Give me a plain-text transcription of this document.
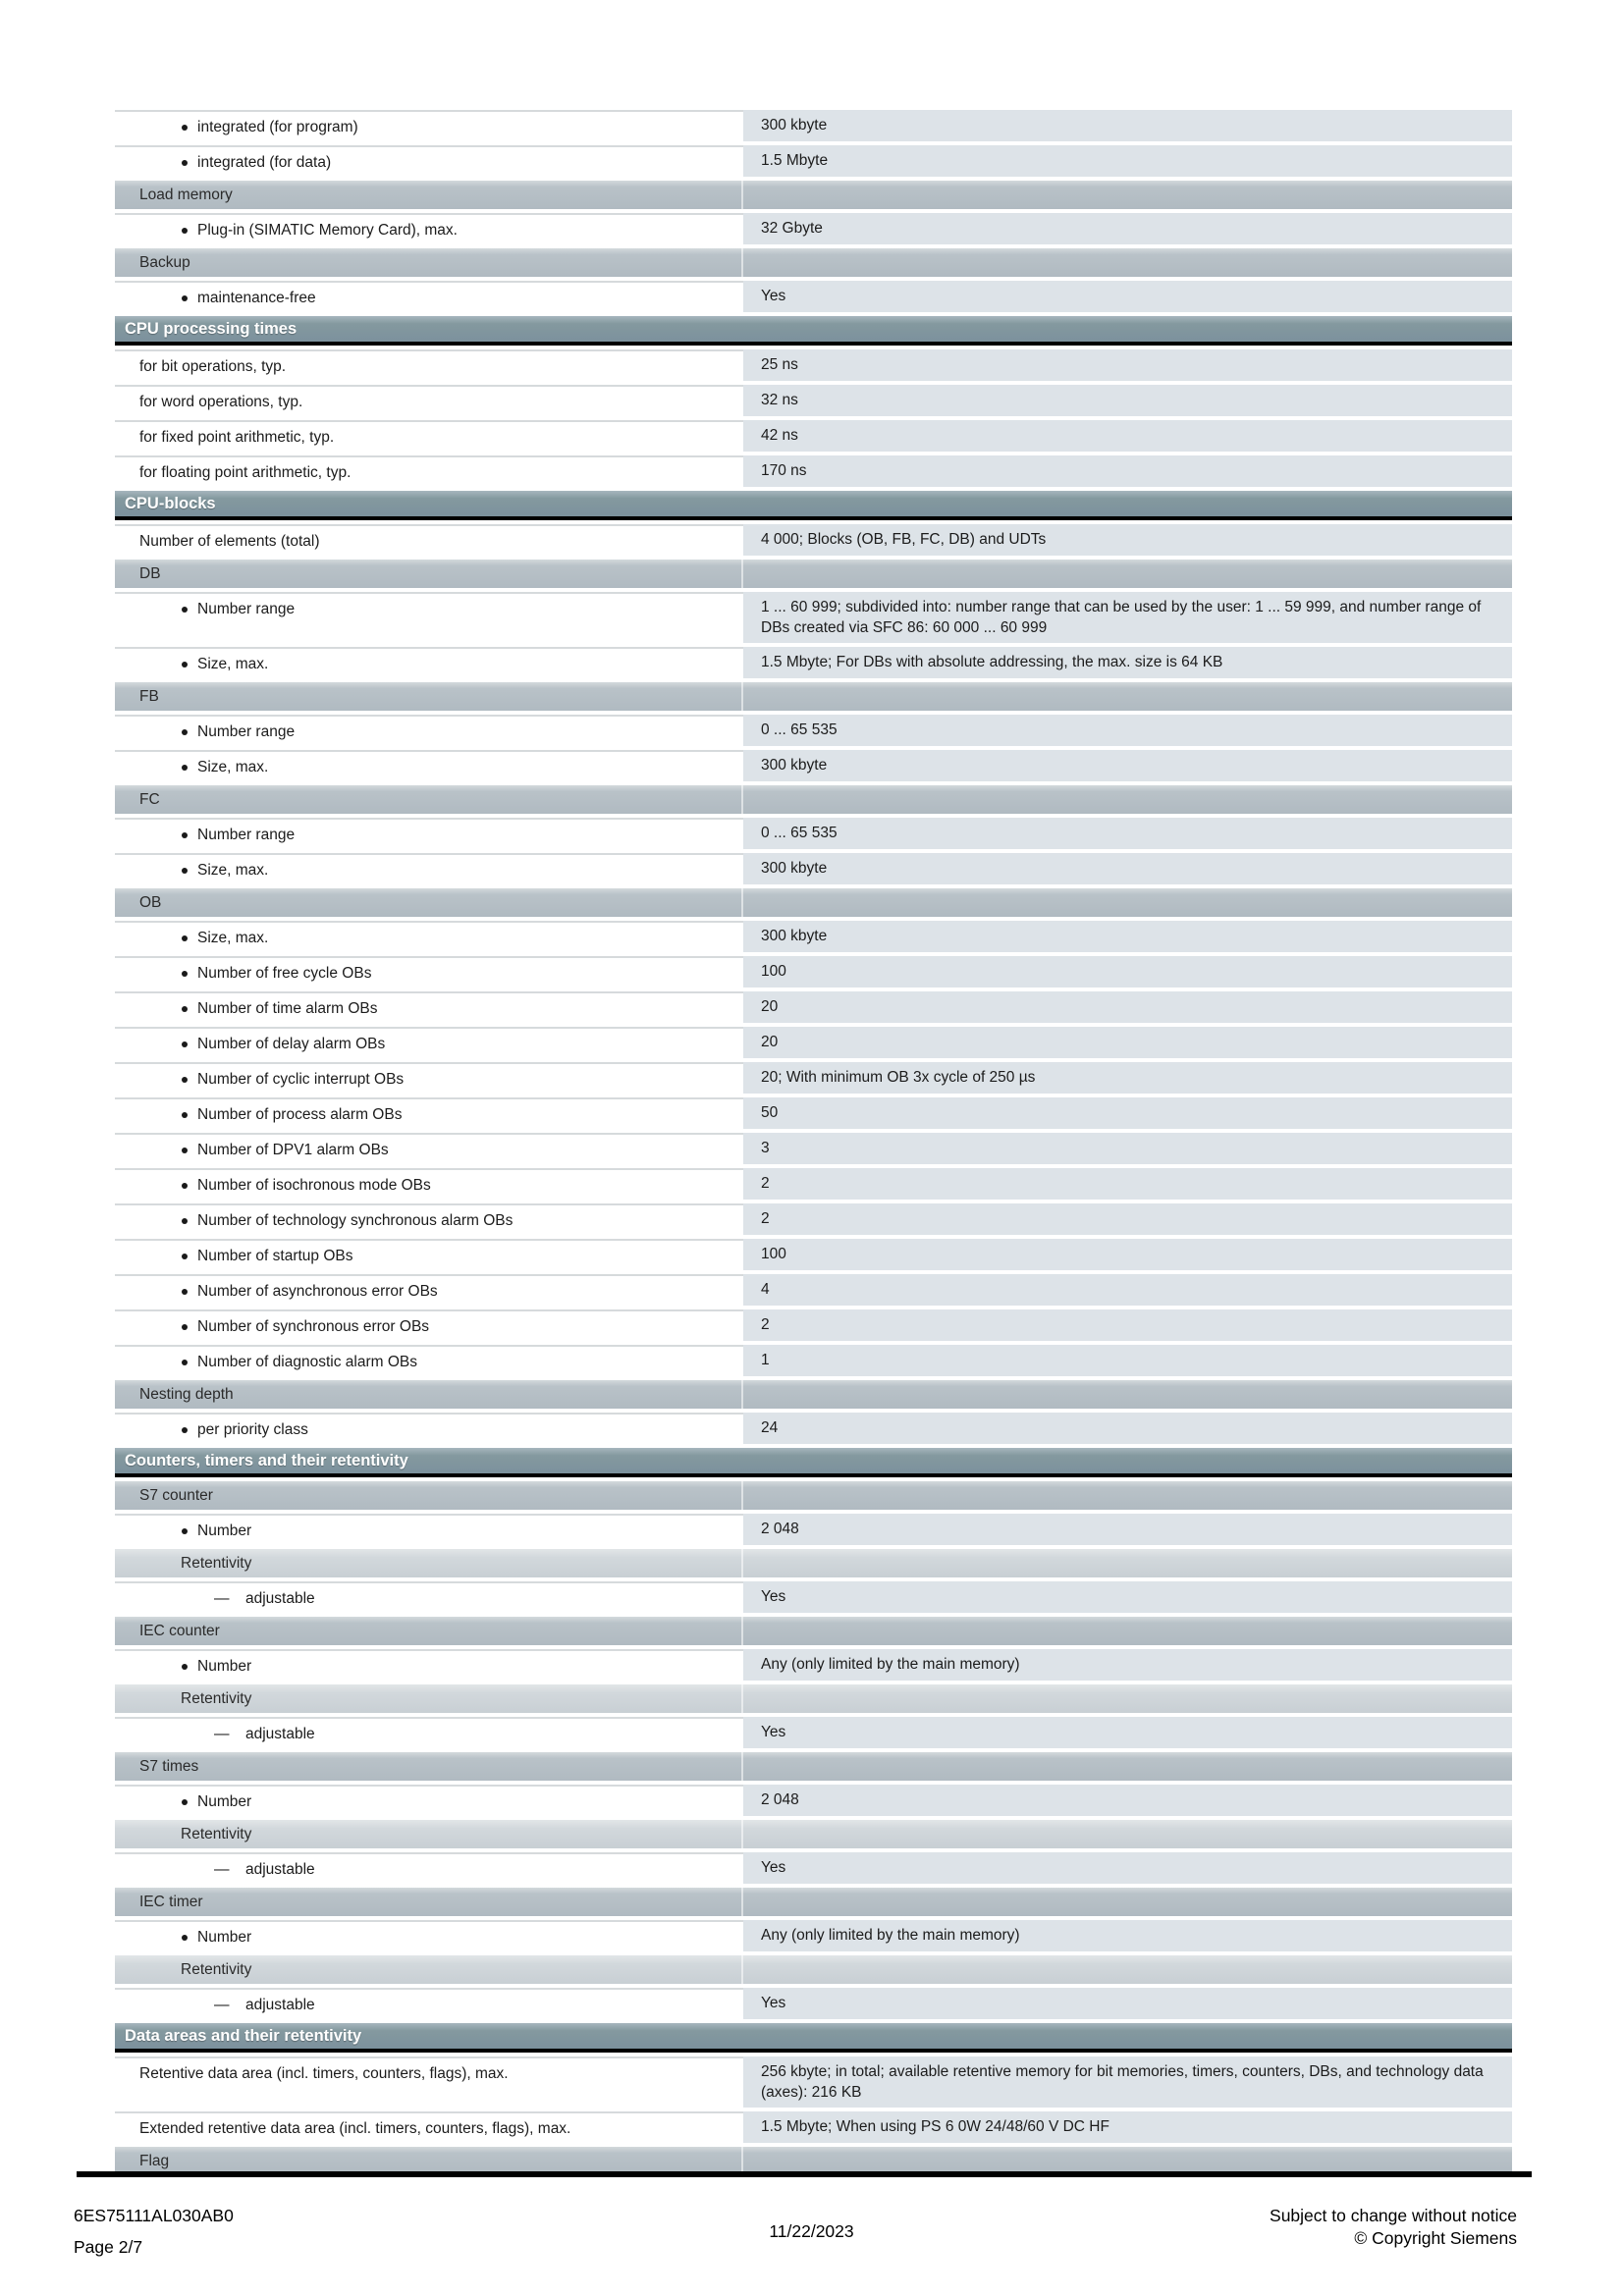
integrated (for program)	300 kbyte
integrated (for data)	1.5 Mbyte
Load memory
Plug-in (SIMATIC Memory Card), max.	32 Gbyte
Backup
maintenance-free	Yes
CPU processing times
for bit operations, typ.	25 ns
for word operations, typ.	32 ns
for fixed point arithmetic, typ.	42 ns
for floating point arithmetic, typ.	170 ns
CPU-blocks
Number of elements (total)	4 000; Blocks (OB, FB, FC, DB) and UDTs
DB
Number range	1 ... 60 999; subdivided into: number range that can be used by the user: 1 ... 59 999, and number range of DBs created via SFC 86: 60 000 ... 60 999
Size, max.	1.5 Mbyte; For DBs with absolute addressing, the max. size is 64 KB
FB
Number range	0 ... 65 535
Size, max.	300 kbyte
FC
Number range	0 ... 65 535
Size, max.	300 kbyte
OB
Size, max.	300 kbyte
Number of free cycle OBs	100
Number of time alarm OBs	20
Number of delay alarm OBs	20
Number of cyclic interrupt OBs	20; With minimum OB 3x cycle of 250 µs
Number of process alarm OBs	50
Number of DPV1 alarm OBs	3
Number of isochronous mode OBs	2
Number of technology synchronous alarm OBs	2
Number of startup OBs	100
Number of asynchronous error OBs	4
Number of synchronous error OBs	2
Number of diagnostic alarm OBs	1
Nesting depth
per priority class	24
Counters, timers and their retentivity
S7 counter
Number	2 048
Retentivity
— adjustable	Yes
IEC counter
Number	Any (only limited by the main memory)
Retentivity
— adjustable	Yes
S7 times
Number	2 048
Retentivity
— adjustable	Yes
IEC timer
Number	Any (only limited by the main memory)
Retentivity
— adjustable	Yes
Data areas and their retentivity
Retentive data area (incl. timers, counters, flags), max.	256 kbyte; in total; available retentive memory for bit memories, timers, counters, DBs, and technology data (axes): 216 KB
Extended retentive data area (incl. timers, counters, flags), max.	1.5 Mbyte; When using PS 6 0W 24/48/60 V DC HF
Flag
6ES75111AL030AB0
Page 2/7
11/22/2023
Subject to change without notice
© Copyright Siemens
